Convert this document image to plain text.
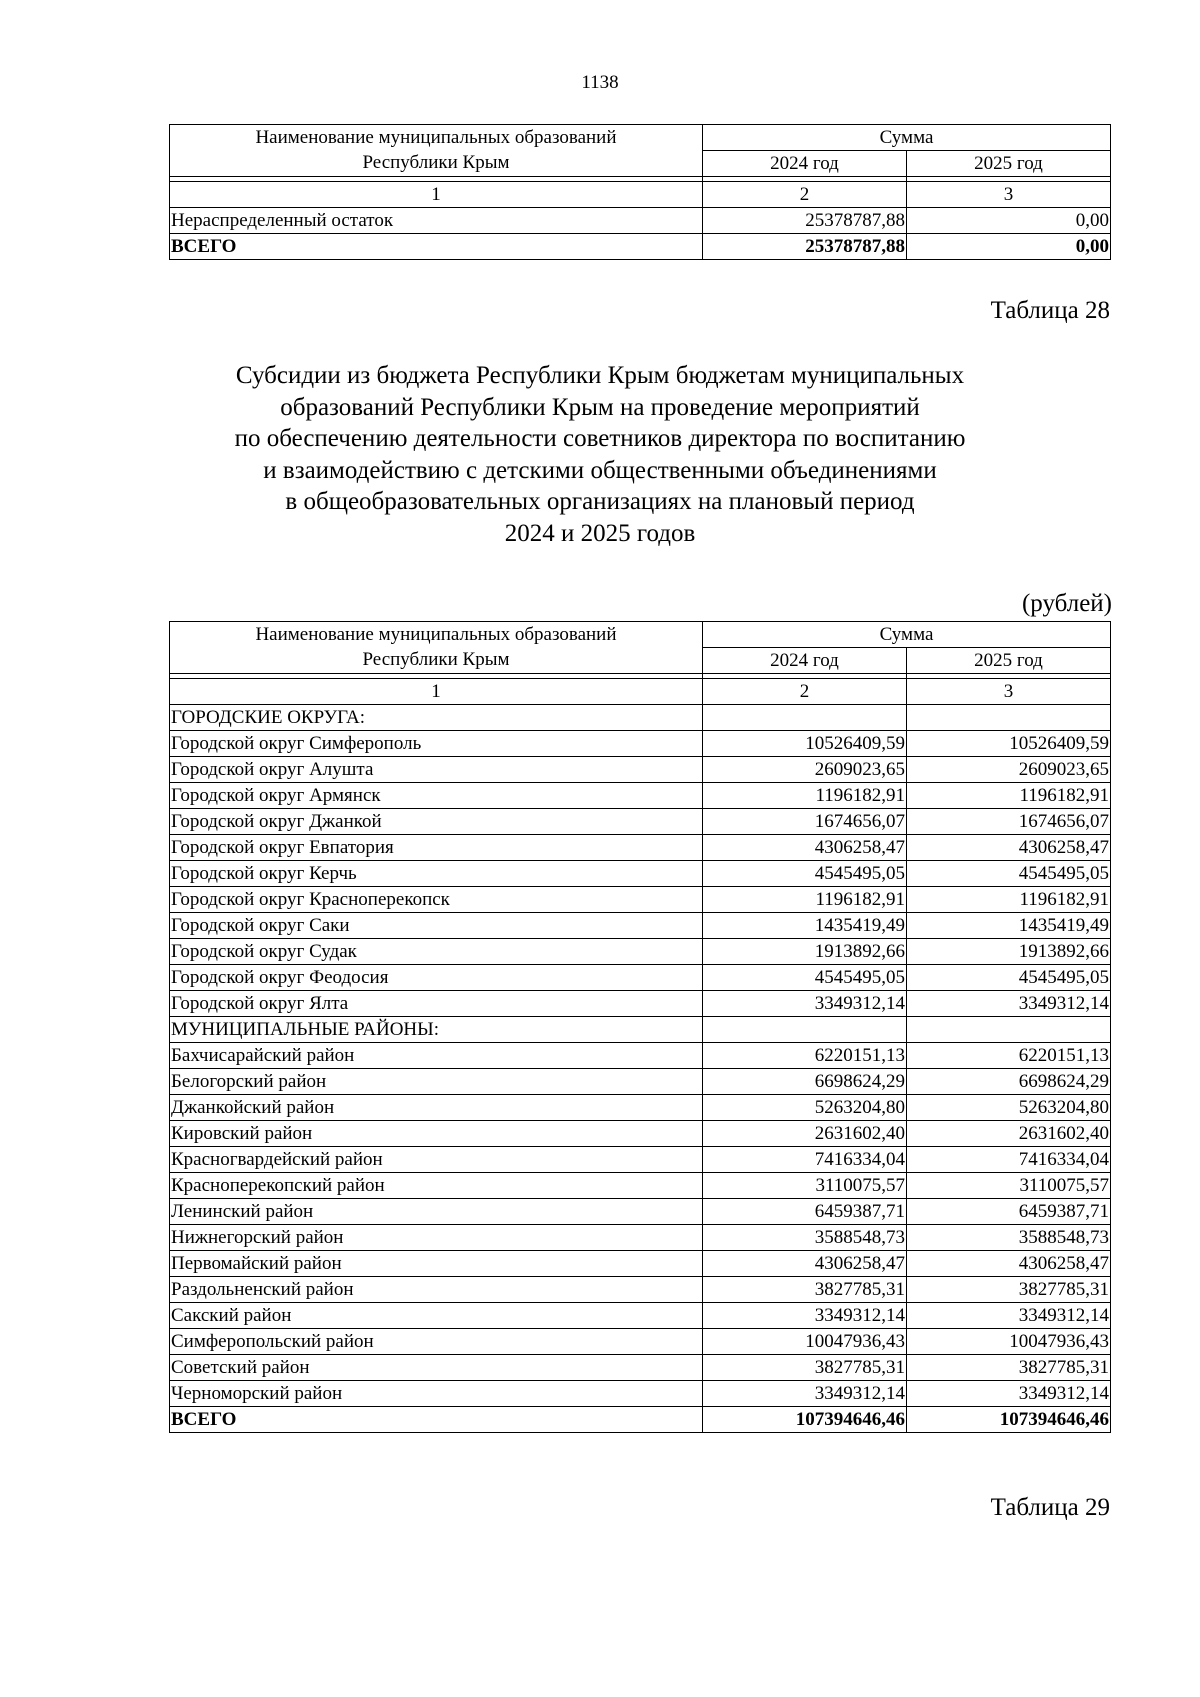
1138
Наименование муниципальных образований
Республики Крым	Сумма	
	2024 год	2025 год

1	2	3
Нераспределенный остаток	25378787,88	0,00
ВСЕГО	25378787,88	0,00
Таблица 28
Субсидии из бюджета Республики Крым бюджетам муниципальных
образований Республики Крым на проведение мероприятий
по обеспечению деятельности советников директора по воспитанию
и взаимодействию с детскими общественными объединениями
в общеобразовательных организациях на плановый период
2024 и 2025 годов
(рублей)
Наименование муниципальных образований
Республики Крым	Сумма	
	2024 год	2025 год

1	2	3
ГОРОДСКИЕ ОКРУГА:		
Городской округ Симферополь	10526409,59	10526409,59
Городской округ Алушта	2609023,65	2609023,65
Городской округ Армянск	1196182,91	1196182,91
Городской округ Джанкой	1674656,07	1674656,07
Городской округ Евпатория	4306258,47	4306258,47
Городской округ Керчь	4545495,05	4545495,05
Городской округ Красноперекопск	1196182,91	1196182,91
Городской округ Саки	1435419,49	1435419,49
Городской округ Судак	1913892,66	1913892,66
Городской округ Феодосия	4545495,05	4545495,05
Городской округ Ялта	3349312,14	3349312,14
МУНИЦИПАЛЬНЫЕ РАЙОНЫ:		
Бахчисарайский район	6220151,13	6220151,13
Белогорский район	6698624,29	6698624,29
Джанкойский район	5263204,80	5263204,80
Кировский район	2631602,40	2631602,40
Красногвардейский район	7416334,04	7416334,04
Красноперекопский район	3110075,57	3110075,57
Ленинский район	6459387,71	6459387,71
Нижнегорский район	3588548,73	3588548,73
Первомайский район	4306258,47	4306258,47
Раздольненский район	3827785,31	3827785,31
Сакский район	3349312,14	3349312,14
Симферопольский район	10047936,43	10047936,43
Советский район	3827785,31	3827785,31
Черноморский район	3349312,14	3349312,14
ВСЕГО	107394646,46	107394646,46
Таблица 29
